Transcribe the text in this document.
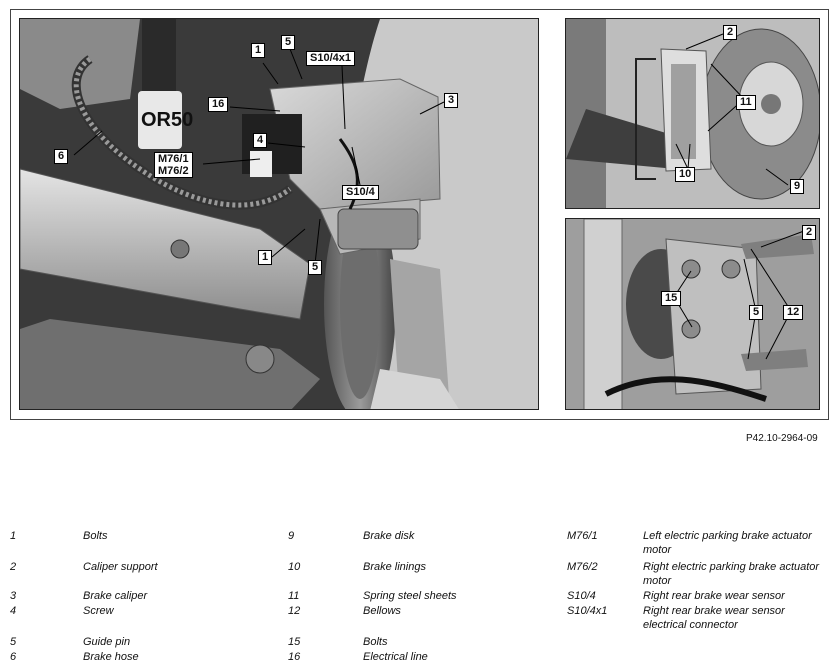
OR50
1
5
S10/4x1
3
16
4
6	M76/1
M76/2
S10/4
1
5
2
11
10
9
2
15
5	12
P42.10-2964-09
1	Bolts
2	Caliper support
3	Brake caliper
4	Screw
5	Guide pin
6	Brake hose
9	Brake disk
10	Brake linings
11	Spring steel sheets
12	Bellows
15	Bolts
16	Electrical line
M76/1	Left electric parking brake actuator motor
M76/2	Right electric parking brake actuator motor
S10/4	Right rear brake wear sensor
S10/4x1	Right rear brake wear sensor electrical connector
